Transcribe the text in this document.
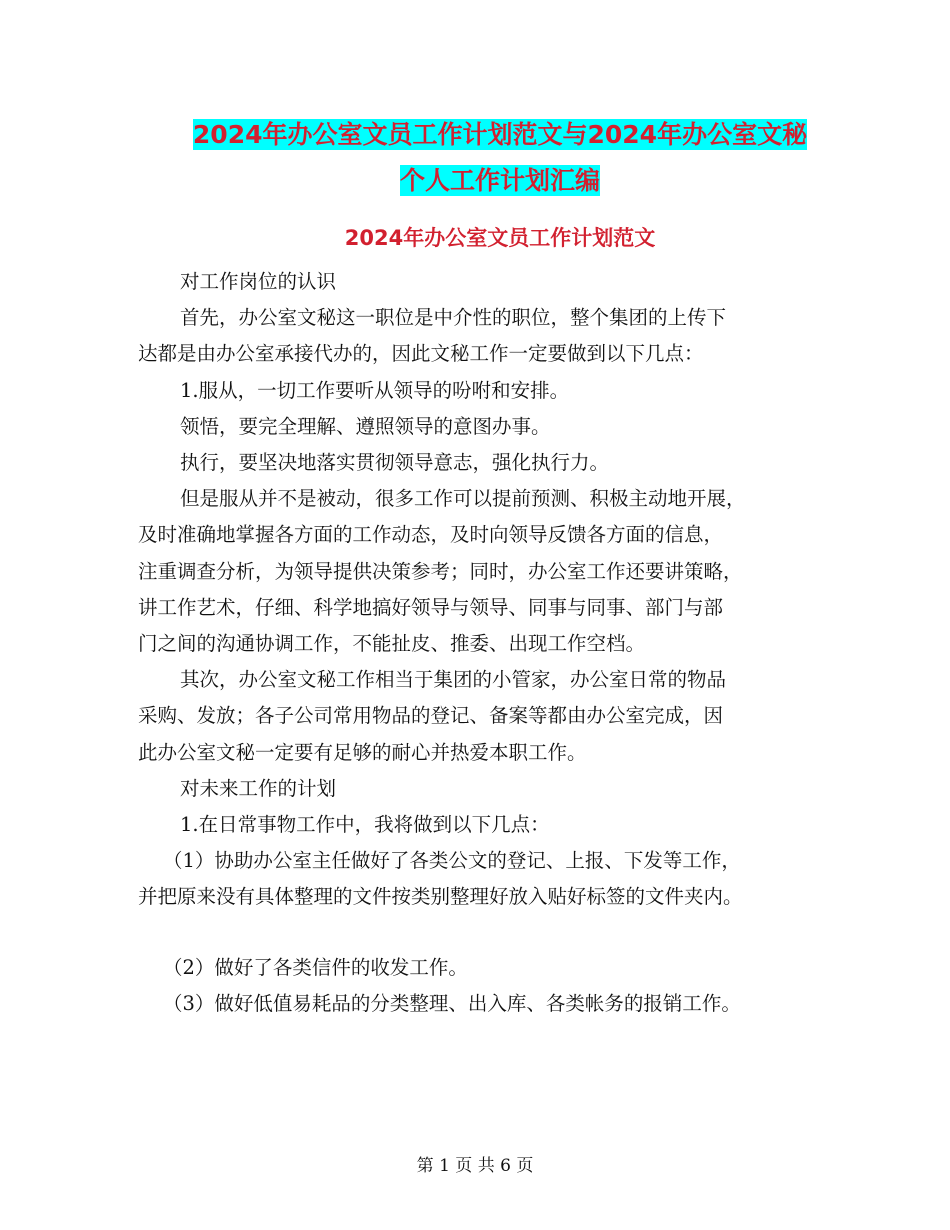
2024年办公室文员工作计划范文与2024年办公室文秘
个人工作计划汇编
2024年办公室文员工作计划范文

对工作岗位的认识

首先，办公室文秘这一职位是中介性的职位，整个集团的上传下

达都是由办公室承接代办的，因此文秘工作一定要做到以下几点：

1.服从，一切工作要听从领导的吩咐和安排。

领悟，要完全理解、遵照领导的意图办事。

执行，要坚决地落实贯彻领导意志，强化执行力。

但是服从并不是被动，很多工作可以提前预测、积极主动地开展，

及时准确地掌握各方面的工作动态，及时向领导反馈各方面的信息，

注重调查分析，为领导提供决策参考；同时，办公室工作还要讲策略，

讲工作艺术，仔细、科学地搞好领导与领导、同事与同事、部门与部

门之间的沟通协调工作，不能扯皮、推委、出现工作空档。

其次，办公室文秘工作相当于集团的小管家，办公室日常的物品

采购、发放；各子公司常用物品的登记、备案等都由办公室完成，因

此办公室文秘一定要有足够的耐心并热爱本职工作。

对未来工作的计划

1.在日常事物工作中，我将做到以下几点：

（1）协助办公室主任做好了各类公文的登记、上报、下发等工作，

并把原来没有具体整理的文件按类别整理好放入贴好标签的文件夹内。

（2）做好了各类信件的收发工作。

（3）做好低值易耗品的分类整理、出入库、各类帐务的报销工作。

第 1 页 共 6 页
